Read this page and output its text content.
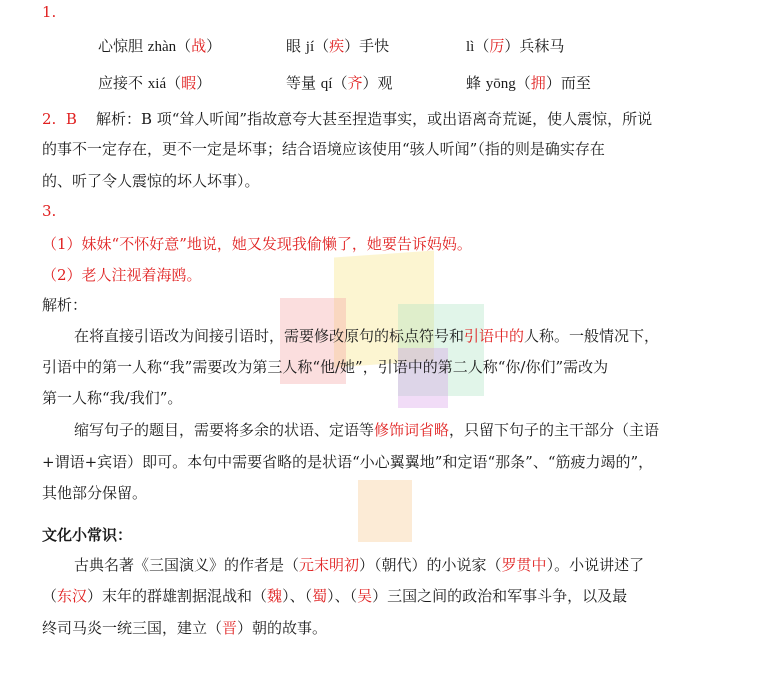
1.
心惊胆 zhàn（战）	眼 jí（疾）手快	lì（厉）兵秣马
应接不 xiá（暇）	等量 qí（齐）观	蜂 yōng（拥）而至
2. B 解析：B 项“耸人听闻”指故意夸大甚至捏造事实，或出语离奇荒诞，使人震惊，所说
的事不一定存在，更不一定是坏事；结合语境应该使用“骇人听闻”（指的则是确实存在
的、听了令人震惊的坏人坏事）。
3.
（1）妹妹“不怀好意”地说，她又发现我偷懒了，她要告诉妈妈。
（2）老人注视着海鸥。
解析：
在将直接引语改为间接引语时，需要修改原句的标点符号和引语中的人称。一般情况下，
引语中的第一人称“我”需要改为第三人称“他/她”，引语中的第二人称“你/你们”需改为
第一人称“我/我们”。
缩写句子的题目，需要将多余的状语、定语等修饰词省略，只留下句子的主干部分（主语
+谓语+宾语）即可。本句中需要省略的是状语“小心翼翼地”和定语“那条”、“筋疲力竭的”，
其他部分保留。
文化小常识：
古典名著《三国演义》的作者是（元末明初）（朝代）的小说家（罗贯中）。小说讲述了
（东汉）末年的群雄割据混战和（魏）、（蜀）、（吴）三国之间的政治和军事斗争，以及最
终司马炎一统三国，建立（晋）朝的故事。
